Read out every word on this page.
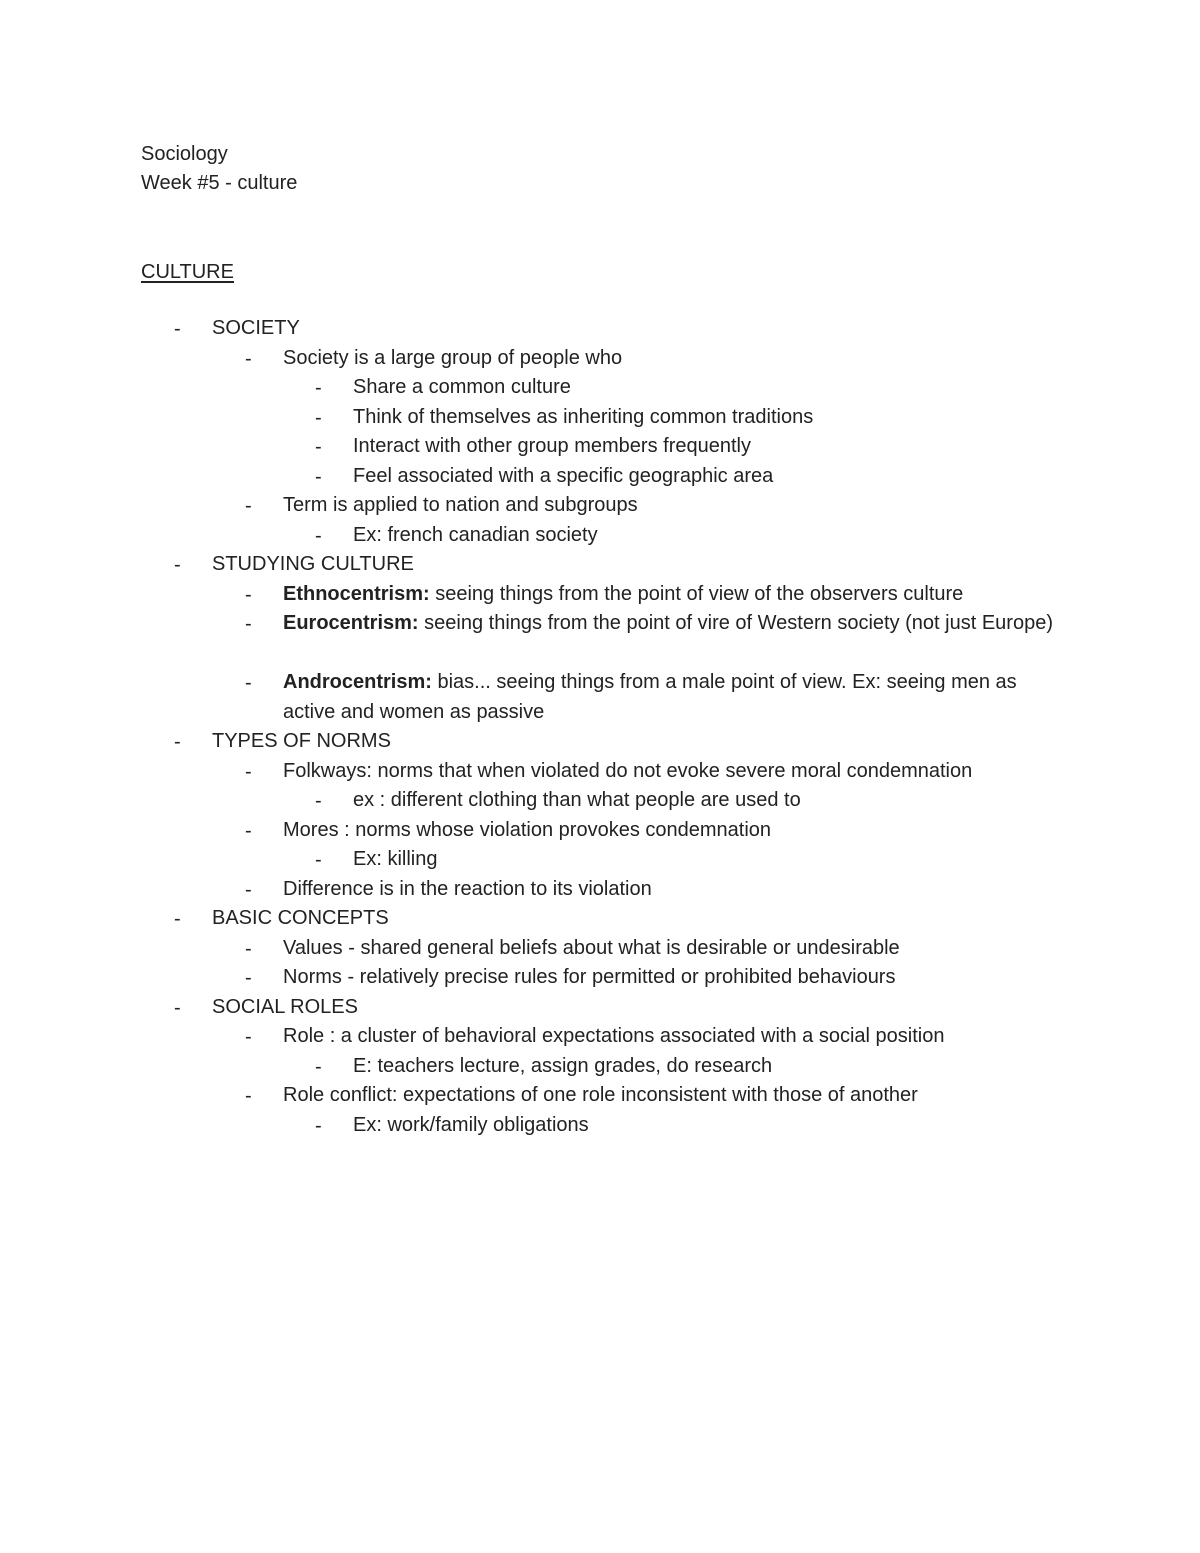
Sociology
Week #5 - culture
CULTURE
- SOCIETY
- Society is a large group of people who
- Share a common culture
- Think of themselves as inheriting common traditions
- Interact with other group members frequently
- Feel associated with a specific geographic area
- Term is applied to nation and subgroups
- Ex: french canadian society
- STUDYING CULTURE
- Ethnocentrism: seeing things from the point of view of the observers culture
- Eurocentrism: seeing things from the point of vire of Western society (not just Europe)
- Androcentrism: bias... seeing things from a male point of view. Ex: seeing men as active and women as passive
- TYPES OF NORMS
- Folkways: norms that when violated do not evoke severe moral condemnation
- ex : different clothing than what people are used to
- Mores : norms whose violation provokes condemnation
- Ex: killing
- Difference is in the reaction to its violation
- BASIC CONCEPTS
- Values - shared general beliefs about what is desirable or undesirable
- Norms - relatively precise rules for permitted or prohibited behaviours
- SOCIAL ROLES
- Role : a cluster of behavioral expectations associated with a social position
- E: teachers lecture, assign grades, do research
- Role conflict: expectations of one role inconsistent with those of another
- Ex: work/family obligations
